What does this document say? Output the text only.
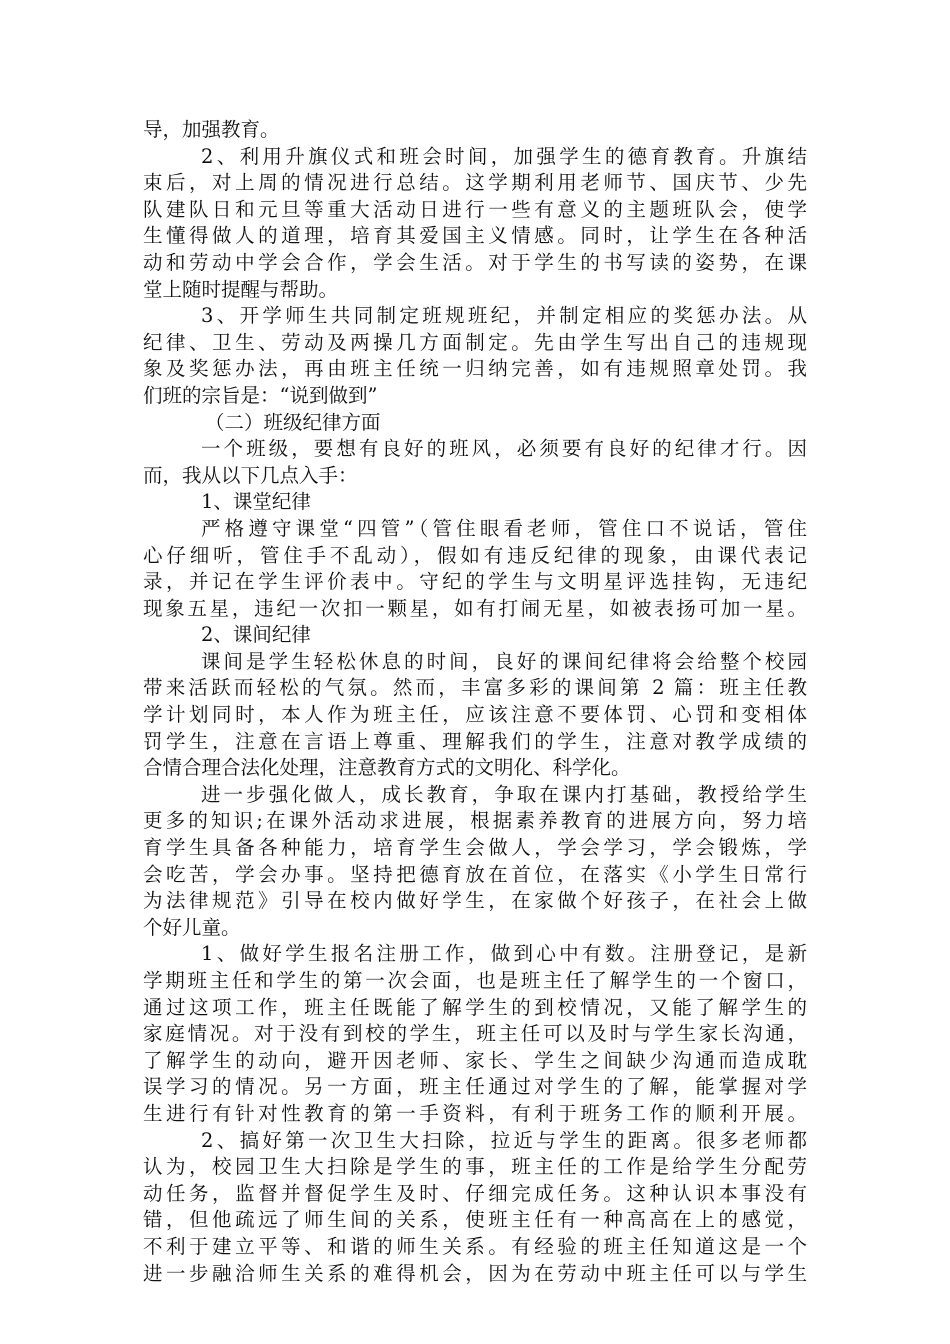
导，加强教育。
2、利用升旗仪式和班会时间，加强学生的德育教育。升旗结
束后，对上周的情况进行总结。这学期利用老师节、国庆节、少先
队建队日和元旦等重大活动日进行一些有意义的主题班队会，使学
生懂得做人的道理，培育其爱国主义情感。同时，让学生在各种活
动和劳动中学会合作，学会生活。对于学生的书写读的姿势，在课
堂上随时提醒与帮助。
3、开学师生共同制定班规班纪，并制定相应的奖惩办法。从
纪律、卫生、劳动及两操几方面制定。先由学生写出自己的违规现
象及奖惩办法，再由班主任统一归纳完善，如有违规照章处罚。我
们班的宗旨是：“说到做到”
（二）班级纪律方面
一个班级，要想有良好的班风，必须要有良好的纪律才行。因
而，我从以下几点入手：
1、课堂纪律
严格遵守课堂“四管”（管住眼看老师，管住口不说话，管住
心仔细听，管住手不乱动），假如有违反纪律的现象，由课代表记
录，并记在学生评价表中。守纪的学生与文明星评选挂钩，无违纪
现象五星，违纪一次扣一颗星，如有打闹无星，如被表扬可加一星。
2、课间纪律
课间是学生轻松休息的时间，良好的课间纪律将会给整个校园
带来活跃而轻松的气氛。然而，丰富多彩的课间第 2 篇：班主任教
学计划同时，本人作为班主任，应该注意不要体罚、心罚和变相体
罚学生，注意在言语上尊重、理解我们的学生，注意对教学成绩的
合情合理合法化处理，注意教育方式的文明化、科学化。
进一步强化做人，成长教育，争取在课内打基础，教授给学生
更多的知识;在课外活动求进展，根据素养教育的进展方向，努力培
育学生具备各种能力，培育学生会做人，学会学习，学会锻炼，学
会吃苦，学会办事。坚持把德育放在首位，在落实《小学生日常行
为法律规范》引导在校内做好学生，在家做个好孩子，在社会上做
个好儿童。
1、做好学生报名注册工作，做到心中有数。注册登记，是新
学期班主任和学生的第一次会面，也是班主任了解学生的一个窗口，
通过这项工作，班主任既能了解学生的到校情况，又能了解学生的
家庭情况。对于没有到校的学生，班主任可以及时与学生家长沟通，
了解学生的动向，避开因老师、家长、学生之间缺少沟通而造成耽
误学习的情况。另一方面，班主任通过对学生的了解，能掌握对学
生进行有针对性教育的第一手资料，有利于班务工作的顺利开展。
2、搞好第一次卫生大扫除，拉近与学生的距离。很多老师都
认为，校园卫生大扫除是学生的事，班主任的工作是给学生分配劳
动任务，监督并督促学生及时、仔细完成任务。这种认识本事没有
错，但他疏远了师生间的关系，使班主任有一种高高在上的感觉，
不利于建立平等、和谐的师生关系。有经验的班主任知道这是一个
进一步融洽师生关系的难得机会，因为在劳动中班主任可以与学生
